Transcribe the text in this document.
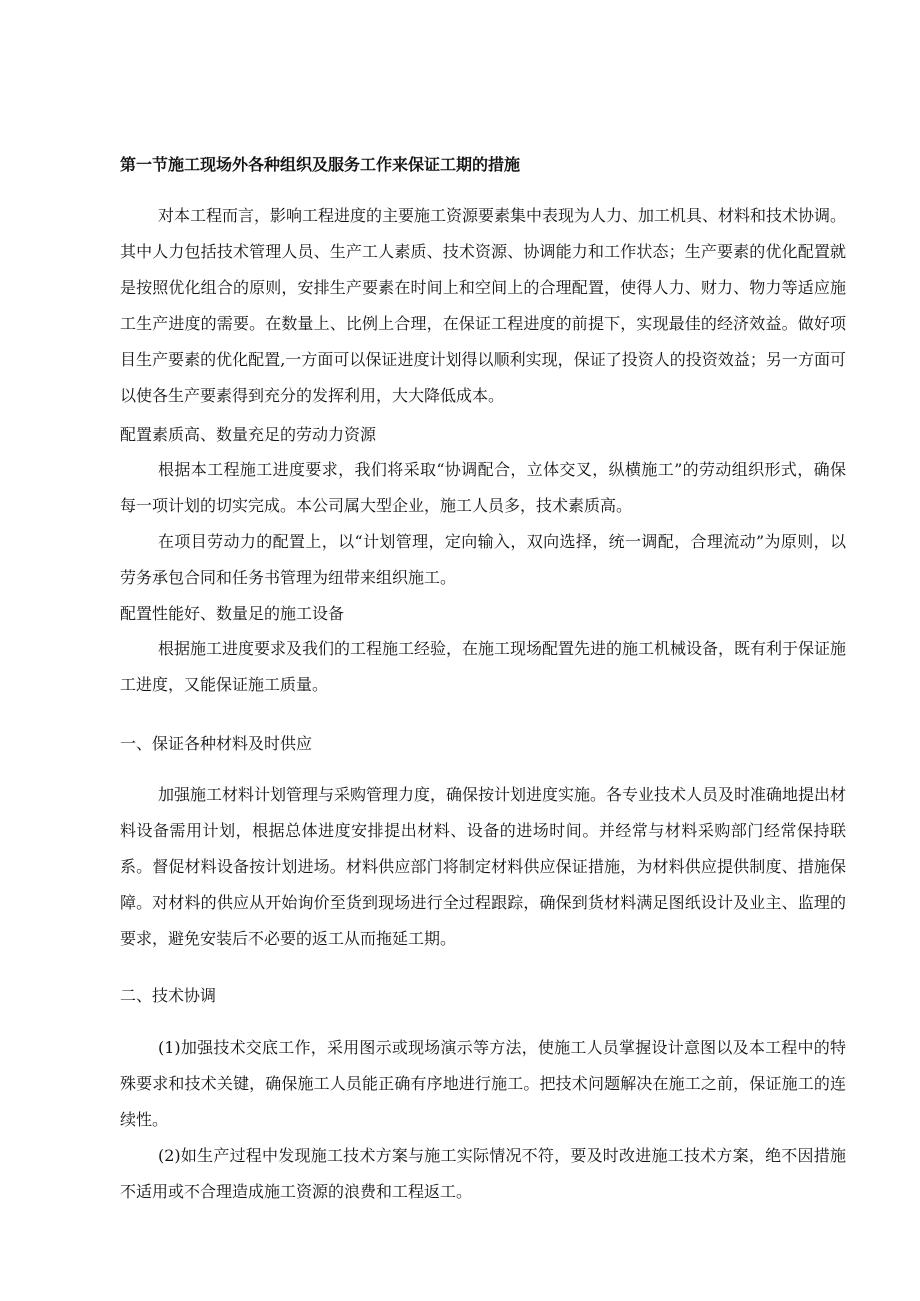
第一节施工现场外各种组织及服务工作来保证工期的措施

对本工程而言，影响工程进度的主要施工资源要素集中表现为人力、加工机具、材料和技术协调。其中人力包括技术管理人员、生产工人素质、技术资源、协调能力和工作状态；生产要素的优化配置就是按照优化组合的原则，安排生产要素在时间上和空间上的合理配置，使得人力、财力、物力等适应施工生产进度的需要。在数量上、比例上合理，在保证工程进度的前提下，实现最佳的经济效益。做好项目生产要素的优化配置,一方面可以保证进度计划得以顺利实现，保证了投资人的投资效益；另一方面可以使各生产要素得到充分的发挥利用，大大降低成本。

配置素质高、数量充足的劳动力资源

根据本工程施工进度要求，我们将采取“协调配合，立体交叉，纵横施工”的劳动组织形式，确保每一项计划的切实完成。本公司属大型企业，施工人员多，技术素质高。

在项目劳动力的配置上，以“计划管理，定向输入，双向选择，统一调配，合理流动”为原则，以劳务承包合同和任务书管理为纽带来组织施工。

配置性能好、数量足的施工设备

根据施工进度要求及我们的工程施工经验，在施工现场配置先进的施工机械设备，既有利于保证施工进度，又能保证施工质量。

一、保证各种材料及时供应

加强施工材料计划管理与采购管理力度，确保按计划进度实施。各专业技术人员及时准确地提出材料设备需用计划，根据总体进度安排提出材料、设备的进场时间。并经常与材料采购部门经常保持联系。督促材料设备按计划进场。材料供应部门将制定材料供应保证措施，为材料供应提供制度、措施保障。对材料的供应从开始询价至货到现场进行全过程跟踪，确保到货材料满足图纸设计及业主、监理的要求，避免安装后不必要的返工从而拖延工期。

二、技术协调

(1)加强技术交底工作，采用图示或现场演示等方法，使施工人员掌握设计意图以及本工程中的特殊要求和技术关键，确保施工人员能正确有序地进行施工。把技术问题解决在施工之前，保证施工的连续性。

(2)如生产过程中发现施工技术方案与施工实际情况不符，要及时改进施工技术方案，绝不因措施不适用或不合理造成施工资源的浪费和工程返工。
